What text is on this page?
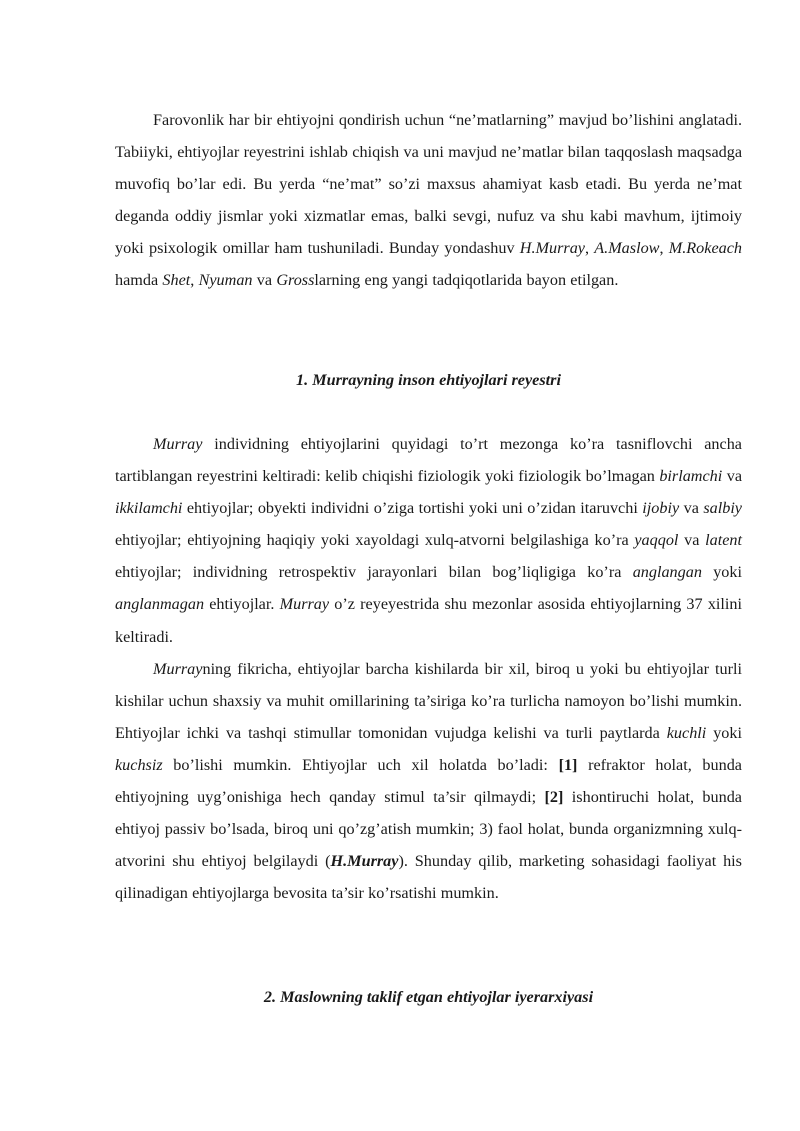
Farovonlik har bir ehtiyojni qondirish uchun “ne’matlarning” mavjud bo’lishini anglatadi. Tabiiyki, ehtiyojlar reyestrini ishlab chiqish va uni mavjud ne’matlar bilan taqqoslash maqsadga muvofiq bo’lar edi. Bu yerda “ne’mat” so’zi maxsus ahamiyat kasb etadi. Bu yerda ne’mat deganda oddiy jismlar yoki xizmatlar emas, balki sevgi, nufuz va shu kabi mavhum, ijtimoiy yoki psixologik omillar ham tushuniladi. Bunday yondashuv H.Murray, A.Maslow, M.Rokeach hamda Shet, Nyuman va Grosslarning eng yangi tadqiqotlarida bayon etilgan.

1. Murrayning inson ehtiyojlari reyestri

Murray individning ehtiyojlarini quyidagi to’rt mezonga ko’ra tasniflovchi ancha tartiblangan reyestrini keltiradi: kelib chiqishi fiziologik yoki fiziologik bo’lmagan birlamchi va ikkilamchi ehtiyojlar; obyekti individni o’ziga tortishi yoki uni o’zidan itaruvchi ijobiy va salbiy ehtiyojlar; ehtiyojning haqiqiy yoki xayoldagi xulq-atvorni belgilashiga ko’ra yaqqol va latent ehtiyojlar; individning retrospektiv jarayonlari bilan bog’liqligiga ko’ra anglangan yoki anglanmagan ehtiyojlar. Murray o’z reyeyestrida shu mezonlar asosida ehtiyojlarning 37 xilini keltiradi.

Murrayning fikricha, ehtiyojlar barcha kishilarda bir xil, biroq u yoki bu ehtiyojlar turli kishilar uchun shaxsiy va muhit omillarining ta’siriga ko’ra turlicha namoyon bo’lishi mumkin. Ehtiyojlar ichki va tashqi stimullar tomonidan vujudga kelishi va turli paytlarda kuchli yoki kuchsiz bo’lishi mumkin. Ehtiyojlar uch xil holatda bo’ladi: [1] refraktor holat, bunda ehtiyojning uyg’onishiga hech qanday stimul ta’sir qilmaydi; [2] ishontiruchi holat, bunda ehtiyoj passiv bo’lsada, biroq uni qo’zg’atish mumkin; 3) faol holat, bunda organizmning xulq-atvorini shu ehtiyoj belgilaydi (H.Murray). Shunday qilib, marketing sohasidagi faoliyat his qilinadigan ehtiyojlarga bevosita ta’sir ko’rsatishi mumkin.

2. Maslowning taklif etgan ehtiyojlar iyerarxiyasi
